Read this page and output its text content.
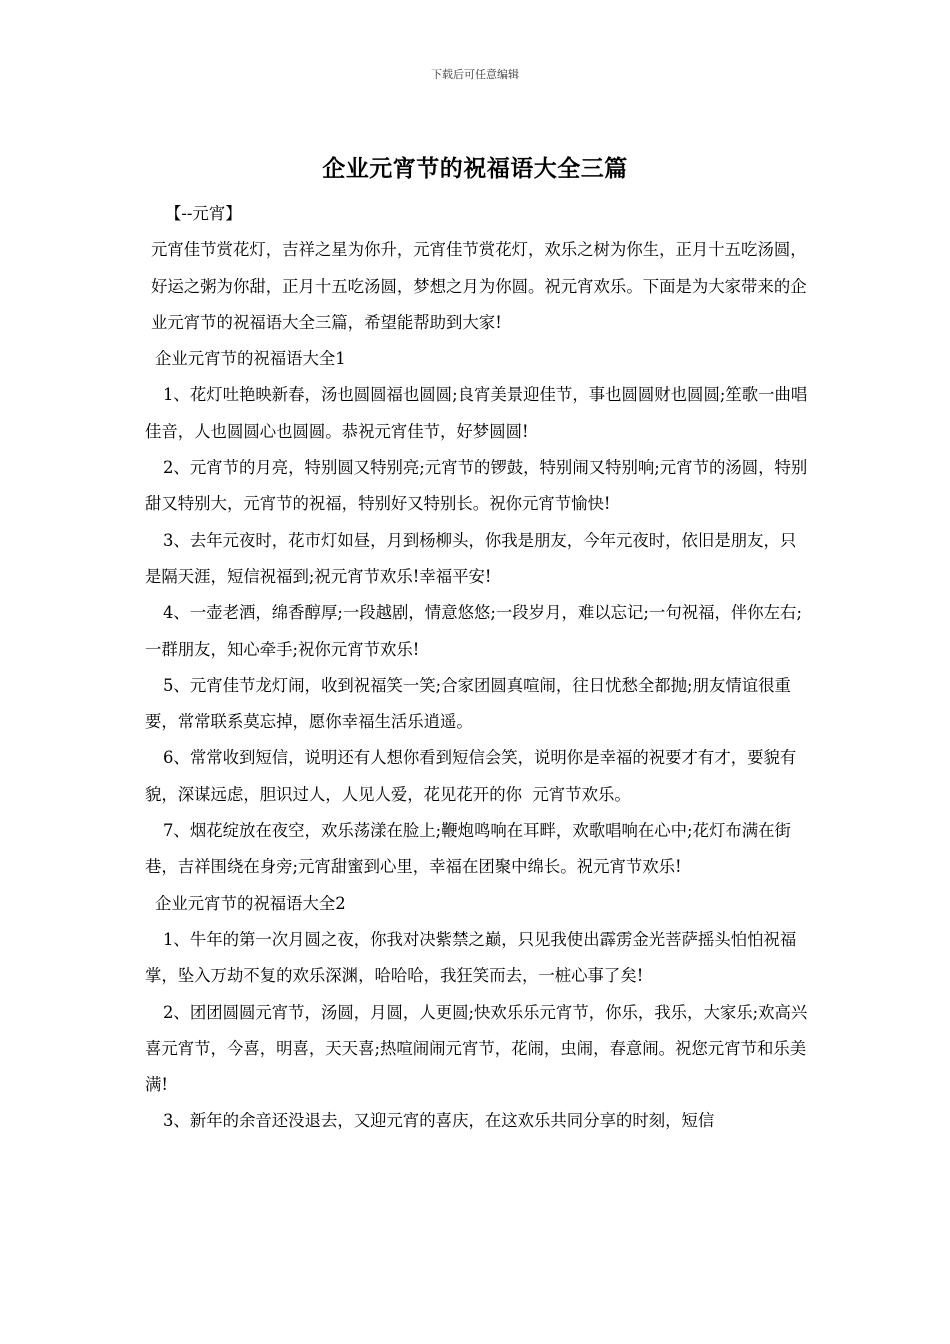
下载后可任意编辑
企业元宵节的祝福语大全三篇

【--元宵】

元宵佳节赏花灯，吉祥之星为你升，元宵佳节赏花灯，欢乐之树为你生，正月十五吃汤圆，好运之粥为你甜，正月十五吃汤圆，梦想之月为你圆。祝元宵欢乐。下面是为大家带来的企业元宵节的祝福语大全三篇，希望能帮助到大家!

企业元宵节的祝福语大全1

1、花灯吐艳映新春，汤也圆圆福也圆圆;良宵美景迎佳节，事也圆圆财也圆圆;笙歌一曲唱佳音，人也圆圆心也圆圆。恭祝元宵佳节，好梦圆圆!

2、元宵节的月亮，特别圆又特别亮;元宵节的锣鼓，特别闹又特别响;元宵节的汤圆，特别甜又特别大，元宵节的祝福，特别好又特别长。祝你元宵节愉快!

3、去年元夜时，花市灯如昼，月到杨柳头，你我是朋友，今年元夜时，依旧是朋友，只是隔天涯，短信祝福到;祝元宵节欢乐!幸福平安!

4、一壶老酒，绵香醇厚;一段越剧，情意悠悠;一段岁月，难以忘记;一句祝福，伴你左右;一群朋友，知心牵手;祝你元宵节欢乐!

5、元宵佳节龙灯闹，收到祝福笑一笑;合家团圆真喧闹，往日忧愁全都抛;朋友情谊很重要，常常联系莫忘掉，愿你幸福生活乐逍遥。

6、常常收到短信，说明还有人想你看到短信会笑，说明你是幸福的祝要才有才，要貌有貌，深谋远虑，胆识过人，人见人爱，花见花开的你  元宵节欢乐。

7、烟花绽放在夜空，欢乐荡漾在脸上;鞭炮鸣响在耳畔，欢歌唱响在心中;花灯布满在街巷，吉祥围绕在身旁;元宵甜蜜到心里，幸福在团聚中绵长。祝元宵节欢乐!

企业元宵节的祝福语大全2

1、牛年的第一次月圆之夜，你我对决紫禁之巅，只见我使出霹雳金光菩萨摇头怕怕祝福掌，坠入万劫不复的欢乐深渊，哈哈哈，我狂笑而去，一桩心事了矣!

2、团团圆圆元宵节，汤圆，月圆，人更圆;快欢乐乐元宵节，你乐，我乐，大家乐;欢高兴喜元宵节，今喜，明喜，天天喜;热喧闹闹元宵节，花闹，虫闹，春意闹。祝您元宵节和乐美满!

3、新年的余音还没退去，又迎元宵的喜庆，在这欢乐共同分享的时刻，短信
